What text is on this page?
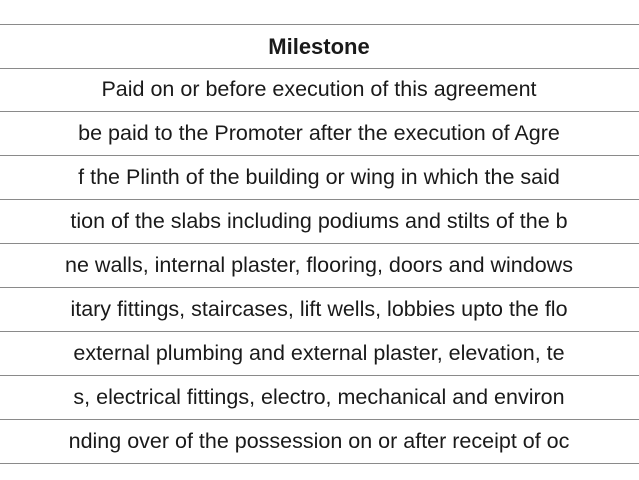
Milestone
Paid on or before execution of this agreement
be paid to the Promoter after the execution of Agre
f the Plinth of the building or wing in which the said
tion of the slabs including podiums and stilts of the b
ne walls, internal plaster, flooring, doors and windows
itary fittings, staircases, lift wells, lobbies upto the flo
external plumbing and external plaster, elevation, te
s, electrical fittings, electro, mechanical and environ
nding over of the possession on or after receipt of oc
